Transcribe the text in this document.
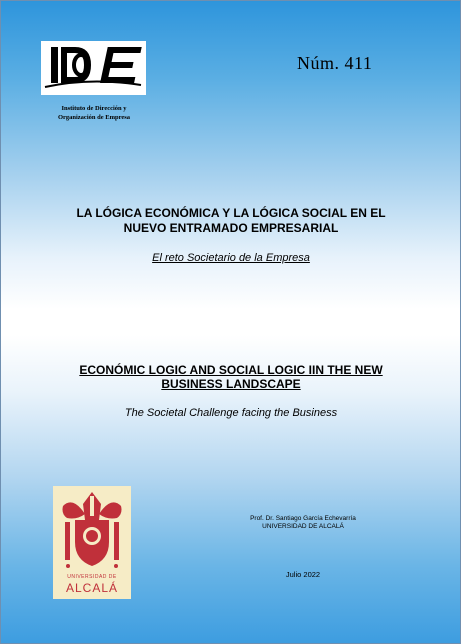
Instituto de Dirección y
Organización de Empresa
Núm. 411
LA LÓGICA ECONÓMICA Y LA LÓGICA SOCIAL EN EL
NUEVO ENTRAMADO EMPRESARIAL
El reto Societario de la Empresa
ECONÓMIC LOGIC AND SOCIAL LOGIC IIN THE NEW
BUSINESS LANDSCAPE
The Societal Challenge facing the Business
UNIVERSIDAD DE
ALCALÁ
Prof. Dr. Santiago García Echevarría
UNIVERSIDAD DE ALCALÁ
Julio 2022
